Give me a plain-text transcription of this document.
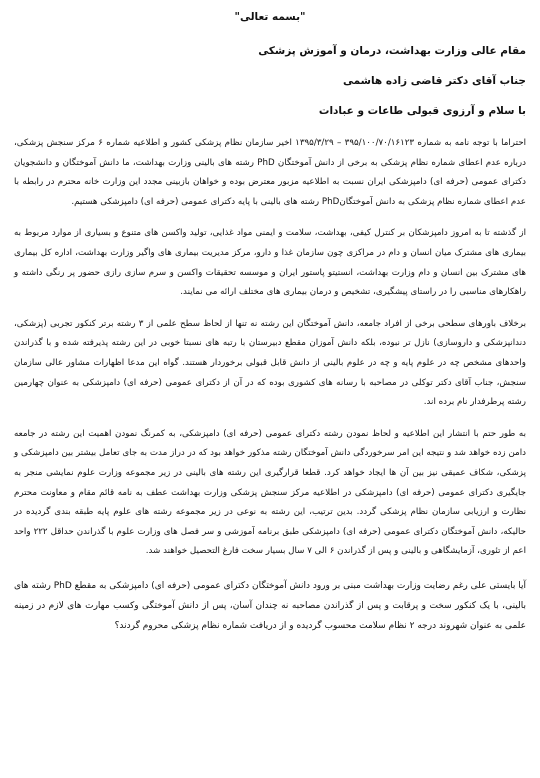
"بسمه تعالی"
مقام عالی وزارت بهداشت، درمان و آموزش پزشکی
جناب آقای دکتر قاضی زاده هاشمی
با سلام و آرزوی قبولی طاعات و عبادات

احتراما با توجه نامه به شماره ۳۹۵/۱۰۰/۷۰/۱۶۱۲۳ – ۱۳۹۵/۳/۲۹ اخیر سازمان نظام پزشکی کشور و اطلاعیه شماره ۶ مرکز سنجش پزشکی، درباره عدم اعطای شماره نظام پزشکی به برخی از دانش آموختگان PhD رشته های بالینی وزارت بهداشت، ما دانش آموختگان و دانشجویان دکترای عمومی (حرفه ای) دامپزشکی ایران نسبت به اطلاعیه مزبور معترض بوده و خواهان بازبینی مجدد این وزارت خانه محترم در رابطه با عدم اعطای شماره نظام پزشکی به دانش آموختگانPhD رشته های بالینی با پایه دکترای عمومی (حرفه ای) دامپزشکی هستیم.

از گذشته تا به امروز دامپزشکان بر کنترل کیفی، بهداشت، سلامت و ایمنی مواد غذایی، تولید واکسن های متنوع و بسیاری از موارد مربوط به بیماری های مشترک میان انسان و دام در مراکزی چون سازمان غذا و دارو، مرکز مدیریت بیماری های واگیر وزارت بهداشت، اداره کل بیماری های مشترک بین انسان و دام وزارت بهداشت، انستیتو پاستور ایران و موسسه تحقیقات واکسن و سرم سازی رازی حضور پر رنگی داشته و راهکارهای مناسبی را در راستای پیشگیری، تشخیص و درمان بیماری های مختلف ارائه می نمایند.

برخلاف باورهای سطحی برخی از افراد جامعه، دانش آموختگان این رشته نه تنها از لحاظ سطح علمی از ۳ رشته برتر کنکور تجربی (پزشکی، دندانپزشکی و داروسازی) نازل تر نبوده، بلکه دانش آموزان مقطع دبیرستان با رتبه های نسبتا خوبی در این رشته پذیرفته شده و با گذراندن واحدهای مشخص چه در علوم پایه و چه در علوم بالینی از دانش قابل قبولی برخوردار هستند. گواه این مدعا اظهارات مشاور عالی سازمان سنجش، جناب آقای دکتر توکلی در مصاحبه با رسانه های کشوری بوده که در آن از دکترای عمومی (حرفه ای) دامپزشکی به عنوان چهارمین رشته پرطرفدار نام برده اند.

به طور حتم با انتشار این اطلاعیه و لحاظ نمودن رشته دکترای عمومی (حرفه ای) دامپزشکی، به کمرنگ نمودن اهمیت این رشته در جامعه دامن زده خواهد شد و نتیجه این امر سرخوردگی دانش آموختگان رشته مذکور خواهد بود که در دراز مدت به جای تعامل بیشتر بین دامپزشکی و پزشکی، شکاف عمیقی نیز بین آن ها ایجاد خواهد کرد. قطعا قرارگیری این رشته های بالینی در زیر مجموعه وزارت علوم نمایشی منجر به جایگیری دکترای عمومی (حرفه ای) دامپزشکی در اطلاعیه مرکز سنجش پزشکی وزارت بهداشت عطف به نامه قائم مقام و معاونت محترم نظارت و ارزیابی سازمان نظام پزشکی گردد. بدین ترتیب، این رشته به نوعی در زیر مجموعه رشته های علوم پایه طبقه بندی گردیده در حالیکه، دانش آموختگان دکترای عمومی (حرفه ای) دامپزشکی طبق برنامه آموزشی و سر فصل های وزارت علوم با گذراندن حداقل ۲۲۲ واحد اعم از تئوری، آزمایشگاهی و بالینی و پس از گذراندن ۶ الی ۷ سال بسیار سخت فارغ التحصیل خواهند شد.

آیا بایستی علی رغم رضایت وزارت بهداشت مبنی بر ورود دانش آموختگان دکترای عمومی (حرفه ای) دامپزشکی به مقطع PhD رشته های بالینی، با یک کنکور سخت و پرقابت و پس از گذراندن مصاحبه نه چندان آسان، پس از دانش آموختگی وکسب مهارت های لازم در زمینه علمی به عنوان شهروند درجه ۲ نظام سلامت محسوب گردیده و از دریافت شماره نظام پزشکی محروم گردند؟
